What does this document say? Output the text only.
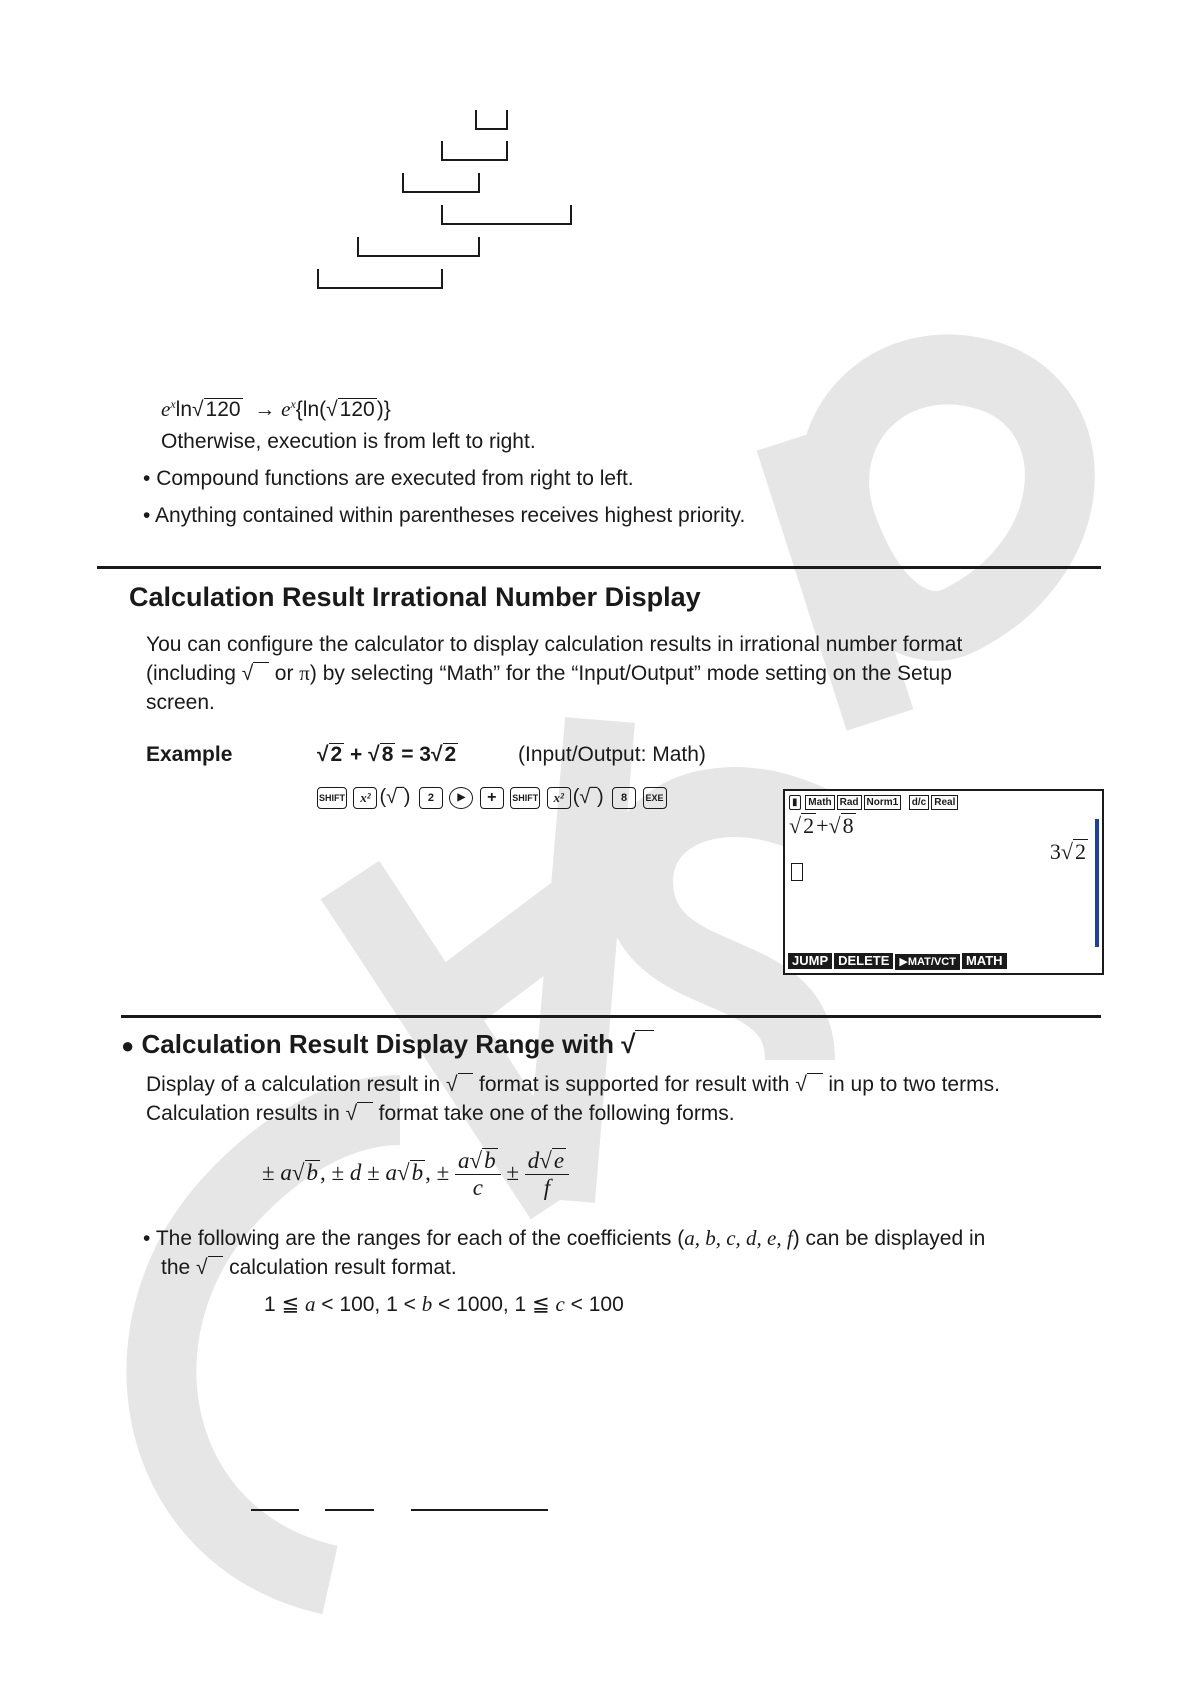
$e^x\ln√120 \to e^x\{\ln(√120)\}$
Otherwise, execution is from left to right.
• Compound functions are executed from right to left.
• Anything contained within parentheses receives highest priority.
Calculation Result Irrational Number Display
You can configure the calculator to display calculation results in irrational number format
(including √   or π) by selecting “Math” for the “Input/Output” mode setting on the Setup
screen.
Example	√2 + √8 = 3√2	(Input/Output: Math)
SHIFT x² (√‾) 2 ▶ + SHIFT x² (√‾) 8 EXE	▮ Math Rad Norm1 d/c Real
√2+√8
3√2
JUMP DELETE ▶MAT/VCT MATH
● Calculation Result Display Range with √
Display of a calculation result in √   format is supported for result with √   in up to two terms.
Calculation results in √   format take one of the following forms.
± a√b, ± d ± a√b, ± $\frac{a√b}{c} \pm \frac{d√e}{f}$
• The following are the ranges for each of the coefficients (a, b, c, d, e, f) can be displayed in
the √   calculation result format.
1 ≦ a < 100, 1 < b < 1000, 1 ≦ c < 100
